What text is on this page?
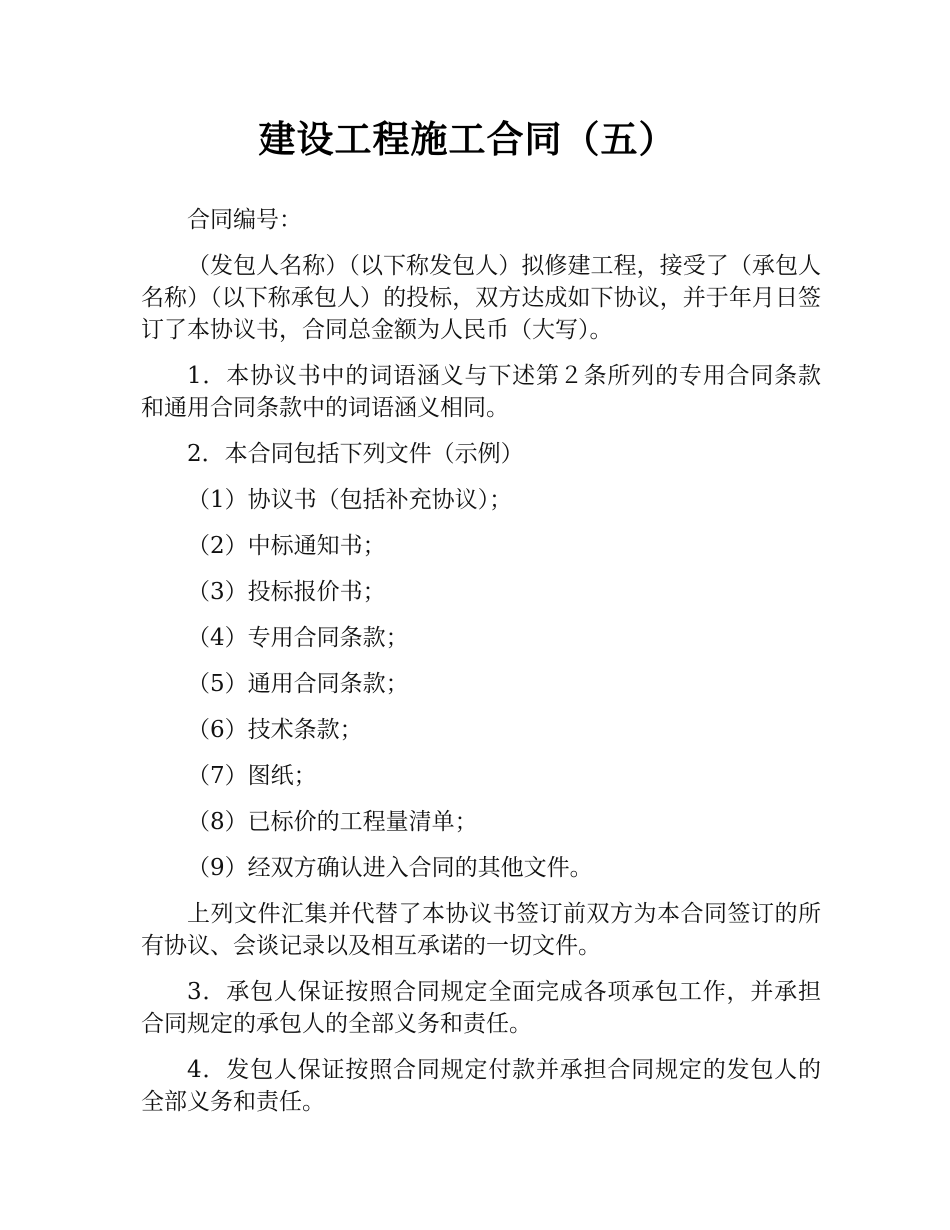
建设工程施工合同（五）

合同编号：

（发包人名称）（以下称发包人）拟修建工程，接受了（承包人名称）（以下称承包人）的投标，双方达成如下协议，并于年月日签订了本协议书，合同总金额为人民币（大写）。

1．本协议书中的词语涵义与下述第２条所列的专用合同条款和通用合同条款中的词语涵义相同。

2．本合同包括下列文件（示例）

（1）协议书（包括补充协议）；

（2）中标通知书；

（3）投标报价书；

（4）专用合同条款；

（5）通用合同条款；

（6）技术条款；

（7）图纸；

（8）已标价的工程量清单；

（9）经双方确认进入合同的其他文件。

上列文件汇集并代替了本协议书签订前双方为本合同签订的所有协议、会谈记录以及相互承诺的一切文件。

3．承包人保证按照合同规定全面完成各项承包工作，并承担合同规定的承包人的全部义务和责任。

4．发包人保证按照合同规定付款并承担合同规定的发包人的全部义务和责任。
